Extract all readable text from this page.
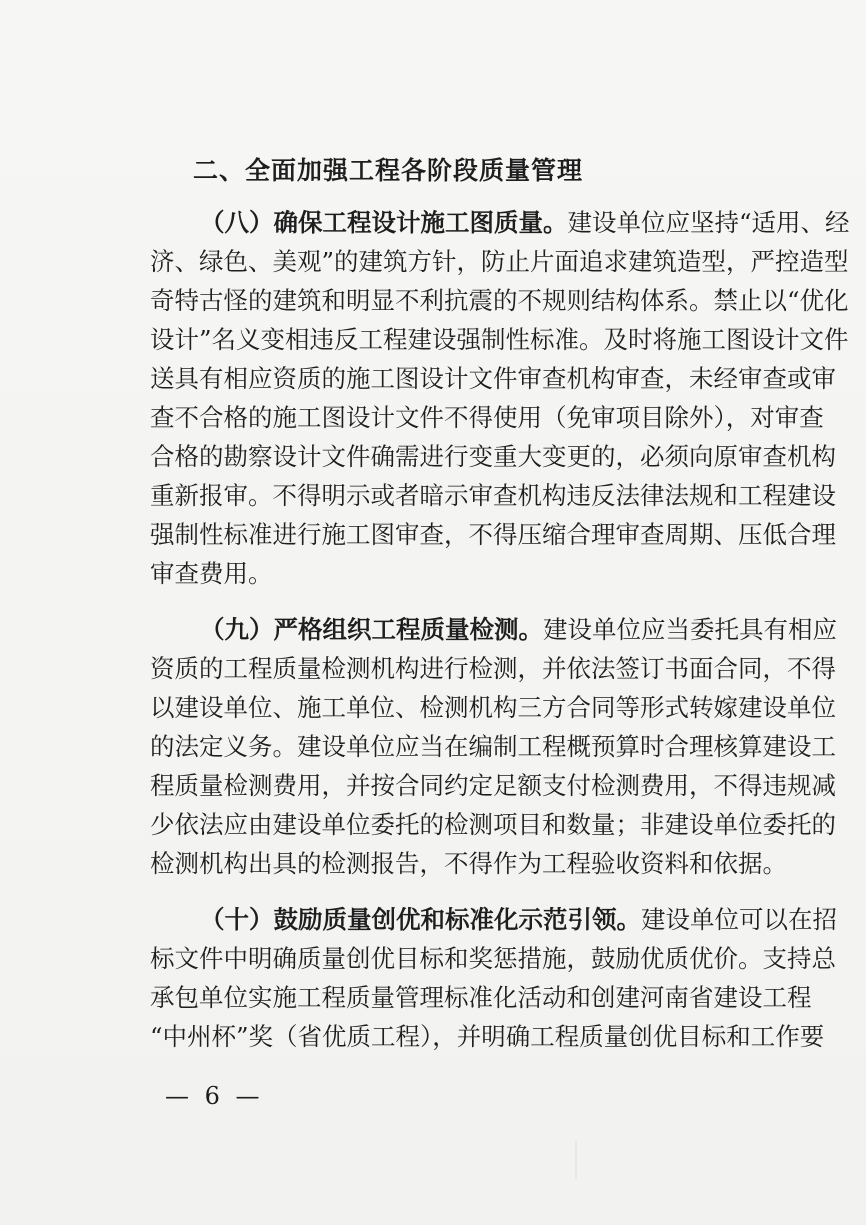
二、全面加强工程各阶段质量管理
（八）确保工程设计施工图质量。建设单位应坚持“适用、经
济、绿色、美观”的建筑方针，防止片面追求建筑造型，严控造型
奇特古怪的建筑和明显不利抗震的不规则结构体系。禁止以“优化
设计”名义变相违反工程建设强制性标准。及时将施工图设计文件
送具有相应资质的施工图设计文件审查机构审查，未经审查或审
查不合格的施工图设计文件不得使用（免审项目除外），对审查
合格的勘察设计文件确需进行变重大变更的，必须向原审查机构
重新报审。不得明示或者暗示审查机构违反法律法规和工程建设
强制性标准进行施工图审查，不得压缩合理审查周期、压低合理
审查费用。
（九）严格组织工程质量检测。建设单位应当委托具有相应
资质的工程质量检测机构进行检测，并依法签订书面合同，不得
以建设单位、施工单位、检测机构三方合同等形式转嫁建设单位
的法定义务。建设单位应当在编制工程概预算时合理核算建设工
程质量检测费用，并按合同约定足额支付检测费用，不得违规减
少依法应由建设单位委托的检测项目和数量；非建设单位委托的
检测机构出具的检测报告，不得作为工程验收资料和依据。
（十）鼓励质量创优和标准化示范引领。建设单位可以在招
标文件中明确质量创优目标和奖惩措施，鼓励优质优价。支持总
承包单位实施工程质量管理标准化活动和创建河南省建设工程
“中州杯”奖（省优质工程），并明确工程质量创优目标和工作要
— 6 —
